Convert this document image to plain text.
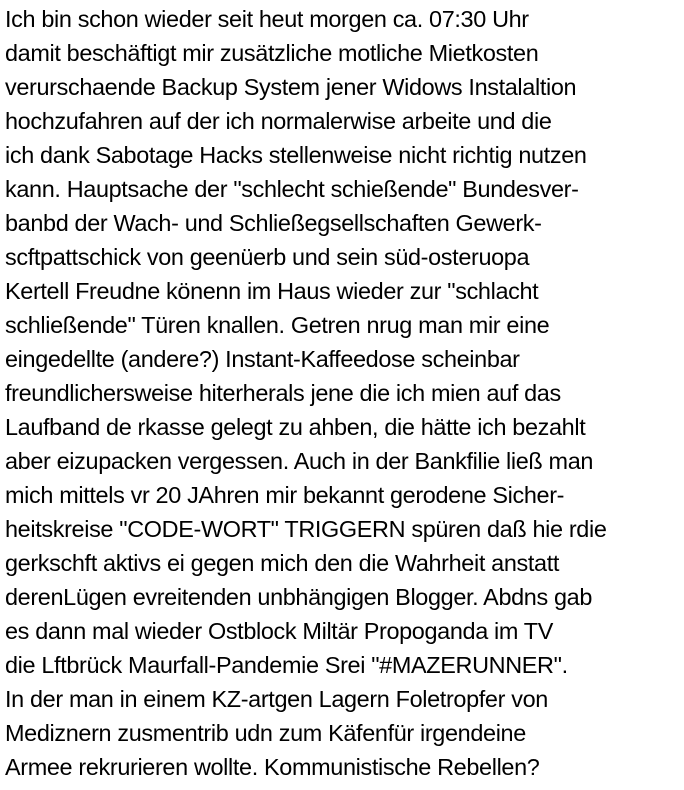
Ich bin schon wieder seit heut morgen ca. 07:30 Uhr
damit beschäftigt mir zusätzliche motliche Mietkosten
verurschaende Backup System jener Widows Instalaltion
hochzufahren auf der ich normalerwise arbeite und die
ich dank Sabotage Hacks stellenweise nicht richtig nutzen
kann. Hauptsache der "schlecht schießende" Bundesver-
banbd der Wach- und Schließegsellschaften Gewerk-
scftpattschick von geenüerb und sein süd-osteruopa
Kertell Freudne könenn im Haus wieder zur "schlacht
schließende" Türen knallen. Getren nrug man mir eine
eingedellte (andere?) Instant-Kaffeedose scheinbar
freundlichersweise hiterherals jene die ich mien auf das
Laufband de rkasse gelegt zu ahben, die hätte ich bezahlt
aber eizupacken vergessen. Auch in der Bankfilie ließ man
mich mittels vr 20 JAhren mir bekannt gerodene Sicher-
heitskreise "CODE-WORT" TRIGGERN spüren daß hie rdie
gerkschft aktivs ei gegen mich den die Wahrheit anstatt
derenLügen evreitenden unbhängigen Blogger. Abdns gab
es dann mal wieder Ostblock Miltär Propoganda im TV
die Lftbrück Maurfall-Pandemie Srei "#MAZERUNNER".
In der man in einem KZ-artgen Lagern Foletropfer von
Mediznern zusmentrib udn zum Käfenfür irgendeine
Armee rekrurieren wollte. Kommunistische Rebellen?
